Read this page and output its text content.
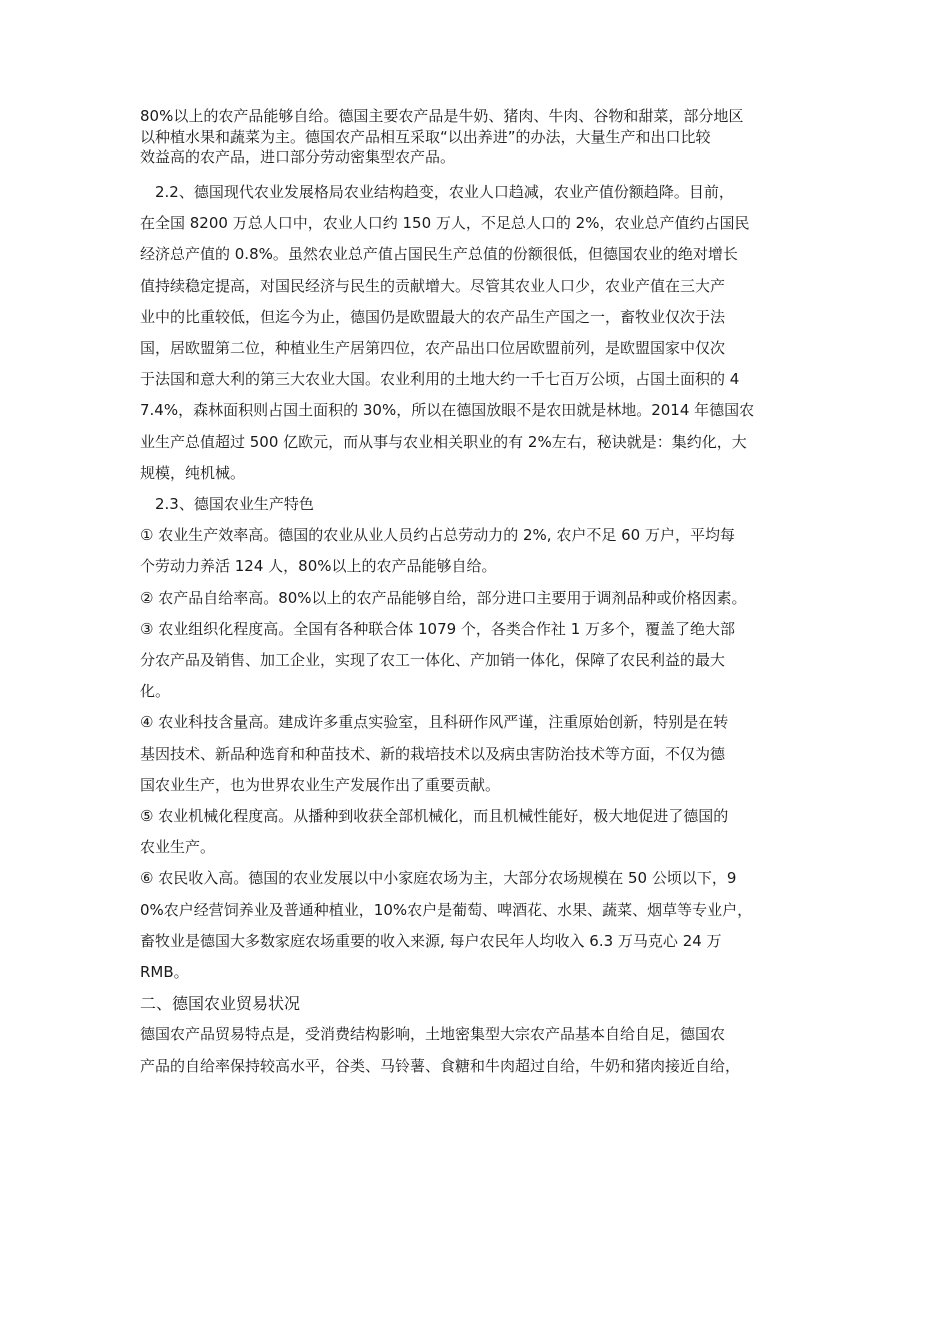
80%以上的农产品能够自给。德国主要农产品是牛奶、猪肉、牛肉、谷物和甜菜，部分地区
以种植水果和蔬菜为主。德国农产品相互采取“以出养进”的办法，大量生产和出口比较
效益高的农产品，进口部分劳动密集型农产品。

2.2、德国现代农业发展格局农业结构趋变，农业人口趋减，农业产值份额趋降。目前，
在全国 8200 万总人口中，农业人口约 150 万人，不足总人口的 2%，农业总产值约占国民
经济总产值的 0.8%。虽然农业总产值占国民生产总值的份额很低，但德国农业的绝对增长
值持续稳定提高，对国民经济与民生的贡献增大。尽管其农业人口少，农业产值在三大产
业中的比重较低，但迄今为止，德国仍是欧盟最大的农产品生产国之一，畜牧业仅次于法
国，居欧盟第二位，种植业生产居第四位，农产品出口位居欧盟前列，是欧盟国家中仅次
于法国和意大利的第三大农业大国。农业利用的土地大约一千七百万公顷，占国土面积的 4
7.4%，森林面积则占国土面积的 30%，所以在德国放眼不是农田就是林地。2014 年德国农
业生产总值超过 500 亿欧元，而从事与农业相关职业的有 2%左右，秘诀就是：集约化，大
规模，纯机械。

2.3、德国农业生产特色

① 农业生产效率高。德国的农业从业人员约占总劳动力的 2%, 农户不足 60 万户，平均每
个劳动力养活 124 人，80%以上的农产品能够自给。

② 农产品自给率高。80%以上的农产品能够自给，部分进口主要用于调剂品种或价格因素。

③ 农业组织化程度高。全国有各种联合体 1079 个，各类合作社 1 万多个，覆盖了绝大部
分农产品及销售、加工企业，实现了农工一体化、产加销一体化，保障了农民利益的最大
化。

④ 农业科技含量高。建成许多重点实验室，且科研作风严谨，注重原始创新，特别是在转
基因技术、新品种选育和种苗技术、新的栽培技术以及病虫害防治技术等方面，不仅为德
国农业生产，也为世界农业生产发展作出了重要贡献。

⑤ 农业机械化程度高。从播种到收获全部机械化，而且机械性能好，极大地促进了德国的
农业生产。

⑥ 农民收入高。德国的农业发展以中小家庭农场为主，大部分农场规模在 50 公顷以下，9
0%农户经营饲养业及普通种植业，10%农户是葡萄、啤酒花、水果、蔬菜、烟草等专业户，
畜牧业是德国大多数家庭农场重要的收入来源, 每户农民年人均收入 6.3 万马克心 24 万
RMB。

二、德国农业贸易状况

德国农产品贸易特点是，受消费结构影响，土地密集型大宗农产品基本自给自足，德国农
产品的自给率保持较高水平，谷类、马铃薯、食糖和牛肉超过自给，牛奶和猪肉接近自给，
